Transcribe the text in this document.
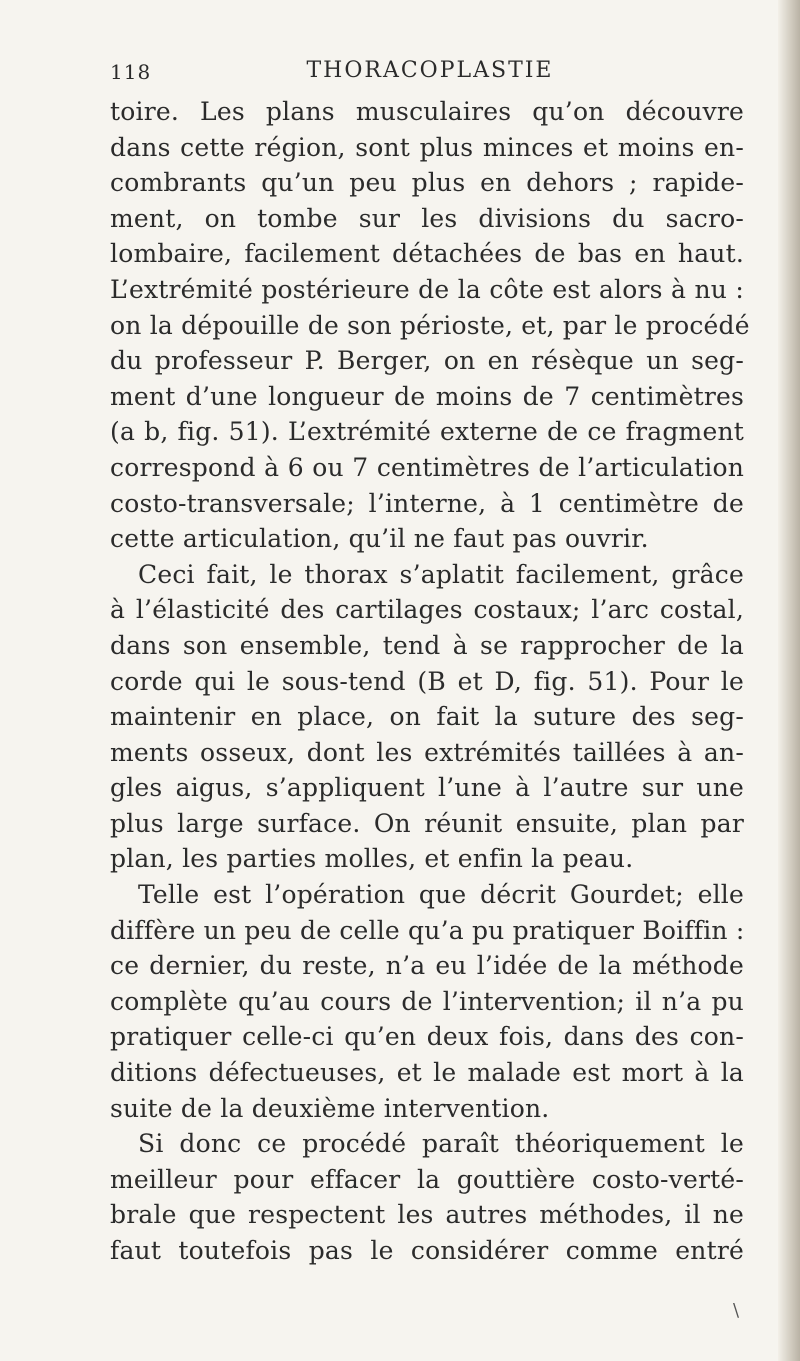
118	THORACOPLASTIE
toire. Les plans musculaires qu’on découvre
dans cette région, sont plus minces et moins en-
combrants qu’un peu plus en dehors ; rapide-
ment, on tombe sur les divisions du sacro-
lombaire, facilement détachées de bas en haut.
L’extrémité postérieure de la côte est alors à nu :
on la dépouille de son périoste, et, par le procédé
du professeur P. Berger, on en résèque un seg-
ment d’une longueur de moins de 7 centimètres
(a b, fig. 51). L’extrémité externe de ce fragment
correspond à 6 ou 7 centimètres de l’articulation
costo-transversale; l’interne, à 1 centimètre de
cette articulation, qu’il ne faut pas ouvrir.
Ceci fait, le thorax s’aplatit facilement, grâce
à l’élasticité des cartilages costaux; l’arc costal,
dans son ensemble, tend à se rapprocher de la
corde qui le sous-tend (B et D, fig. 51). Pour le
maintenir en place, on fait la suture des seg-
ments osseux, dont les extrémités taillées à an-
gles aigus, s’appliquent l’une à l’autre sur une
plus large surface. On réunit ensuite, plan par
plan, les parties molles, et enfin la peau.
Telle est l’opération que décrit Gourdet; elle
diffère un peu de celle qu’a pu pratiquer Boiffin :
ce dernier, du reste, n’a eu l’idée de la méthode
complète qu’au cours de l’intervention; il n’a pu
pratiquer celle-ci qu’en deux fois, dans des con-
ditions défectueuses, et le malade est mort à la
suite de la deuxième intervention.
Si donc ce procédé paraît théoriquement le
meilleur pour effacer la gouttière costo-verté-
brale que respectent les autres méthodes, il ne
faut toutefois pas le considérer comme entré
\
